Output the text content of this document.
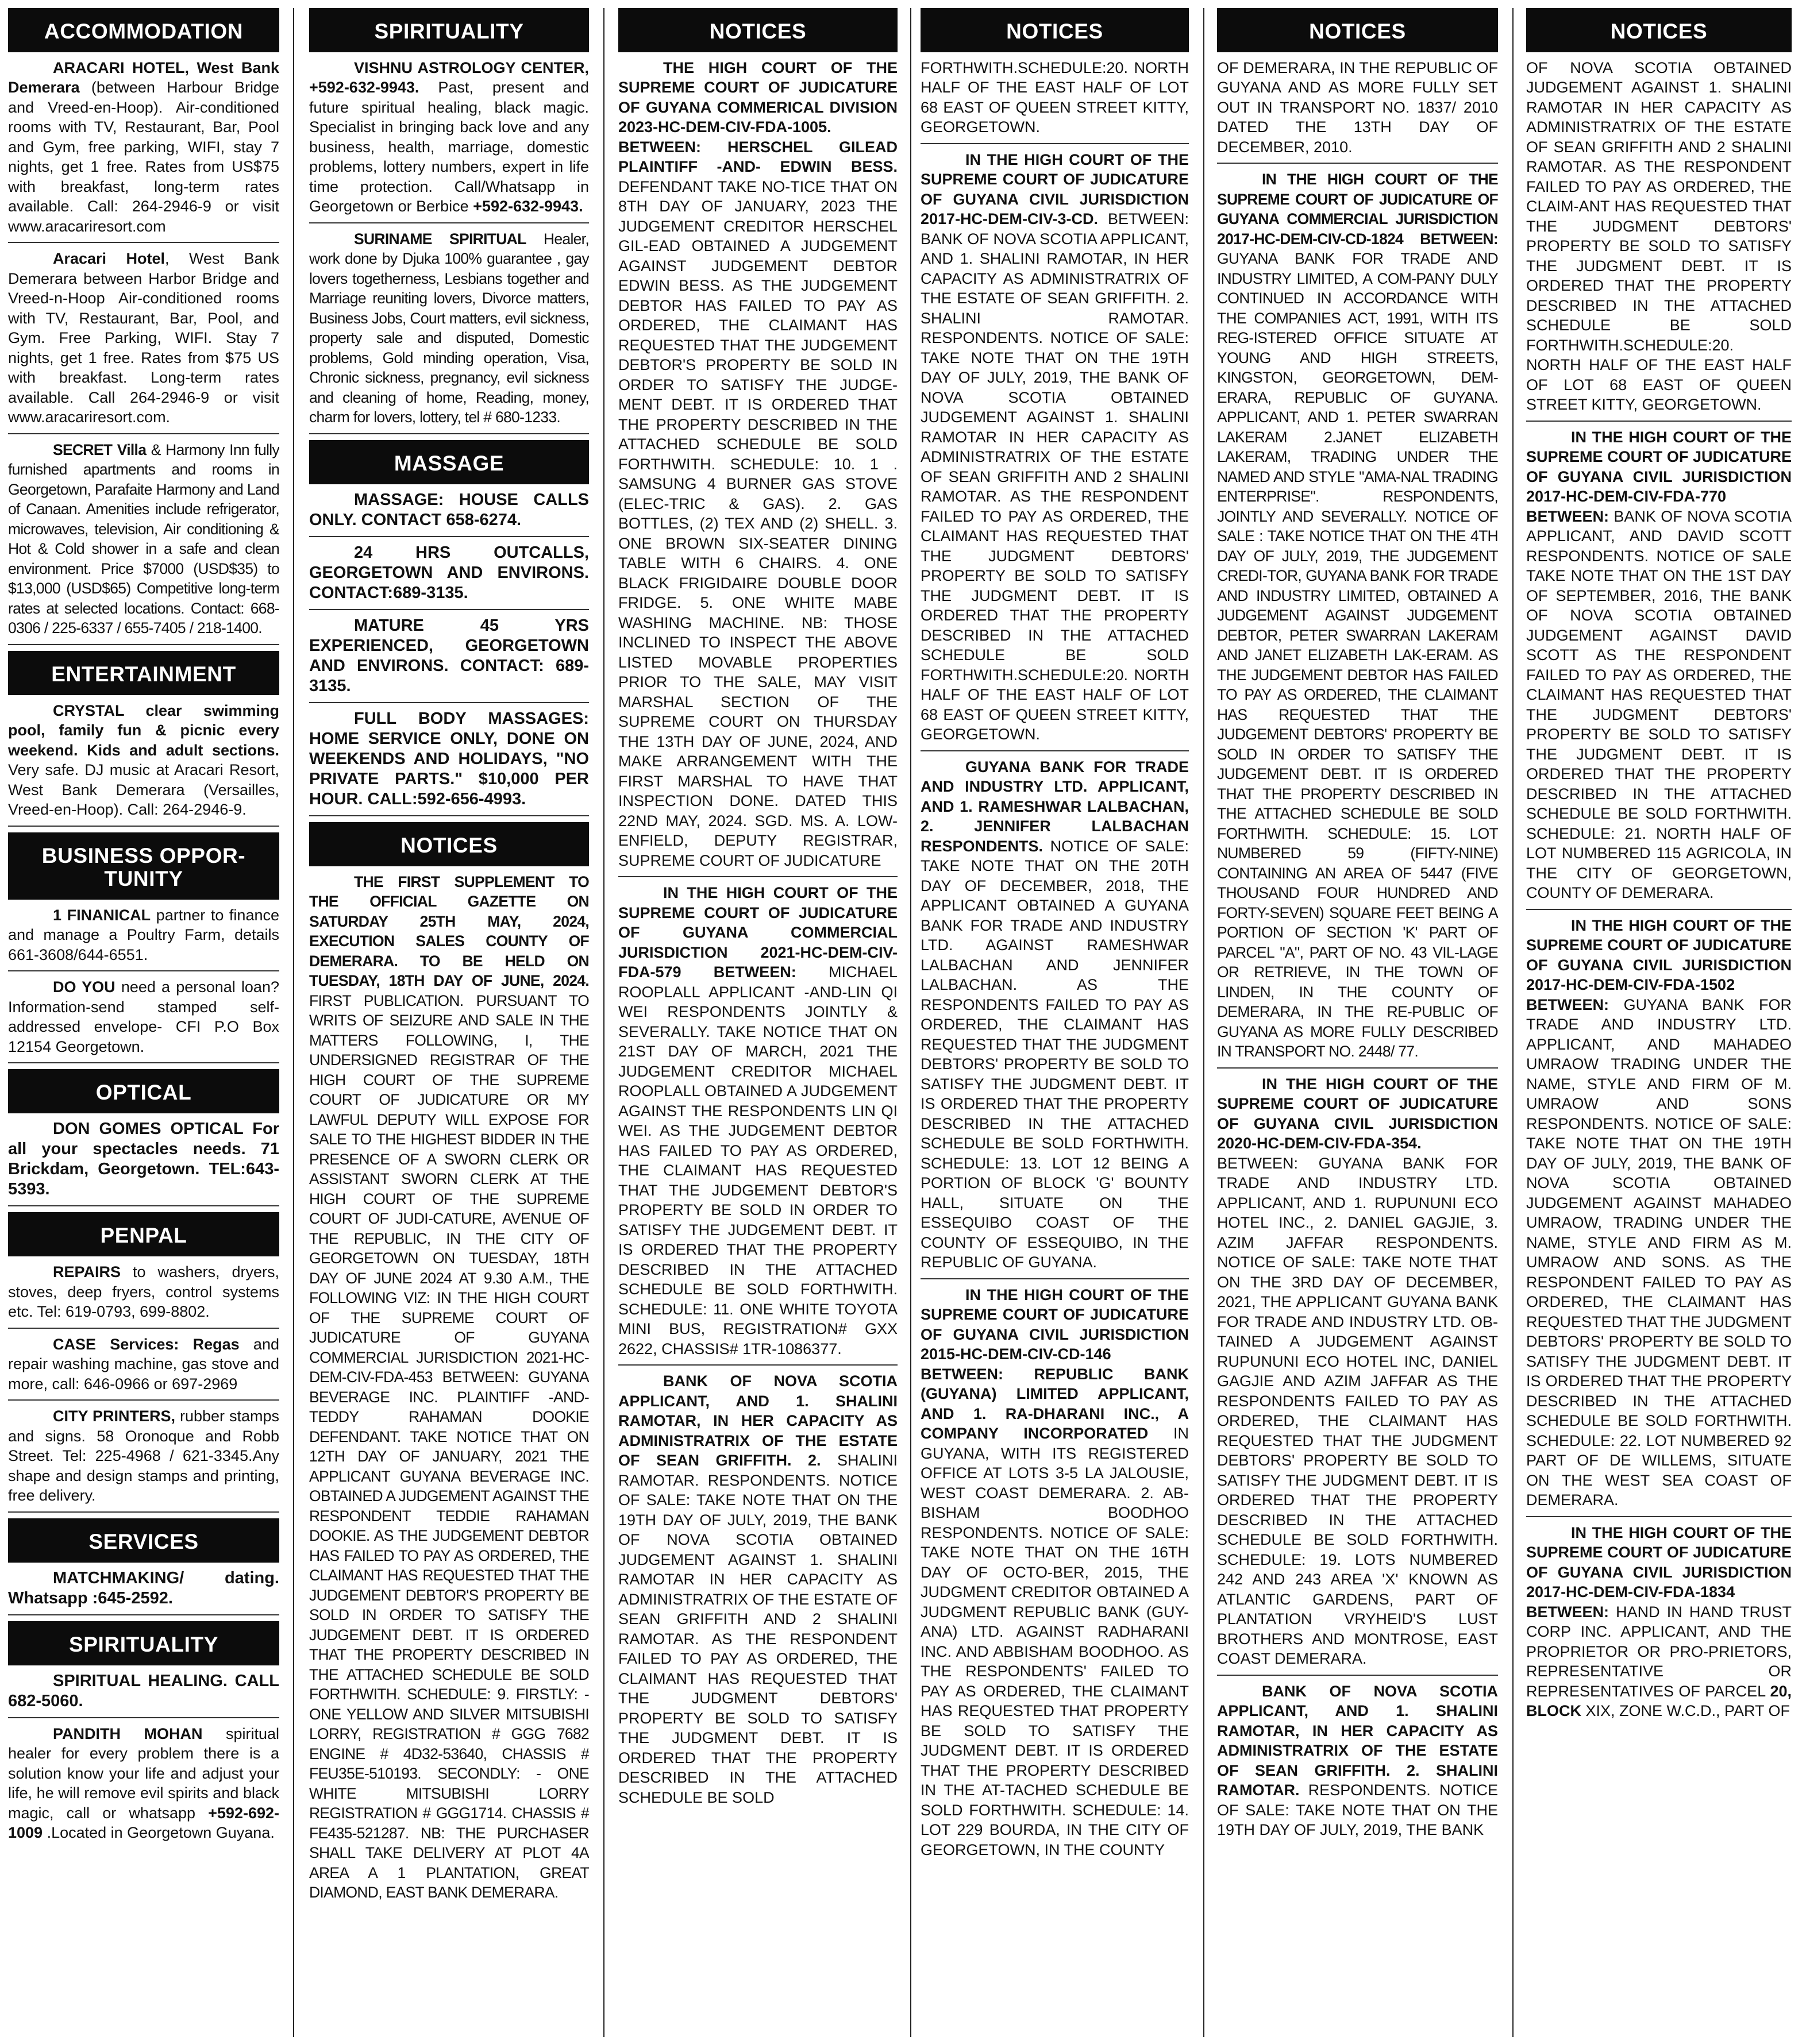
ACCOMMODATION

ARACARI HOTEL, West Bank Demerara (between Harbour Bridge and Vreed-en-Hoop). Air-conditioned rooms with TV, Restaurant, Bar, Pool and Gym, free parking, WIFI, stay 7 nights, get 1 free. Rates from US$75 with breakfast, long-term rates available. Call: 264-2946-9 or visit www.aracariresort.com

Aracari Hotel, West Bank Demerara between Harbor Bridge and Vreed-n-Hoop Air-conditioned rooms with TV, Restaurant, Bar, Pool, and Gym. Free Parking, WIFI. Stay 7 nights, get 1 free. Rates from $75 US with breakfast. Long-term rates available. Call 264-2946-9 or visit www.aracariresort.com.

SECRET Villa & Harmony Inn fully furnished apartments and rooms in Georgetown, Parafaite Harmony and Land of Canaan. Amenities include refrigerator, microwaves, television, Air conditioning & Hot & Cold shower in a safe and clean environment. Price $7000 (USD$35) to $13,000 (USD$65) Competitive long-term rates at selected locations. Contact: 668-0306 / 225-6337 / 655-7405 / 218-1400.

ENTERTAINMENT

CRYSTAL clear swimming pool, family fun & picnic every weekend. Kids and adult sections. Very safe. DJ music at Aracari Resort, West Bank Demerara (Versailles, Vreed-en-Hoop). Call: 264-2946-9.

BUSINESS OPPOR-TUNITY

1 FINANICAL partner to finance and manage a Poultry Farm, details 661-3608/644-6551.

DO YOU need a personal loan? Information-send stamped self-addressed envelope- CFI P.O Box 12154 Georgetown.

OPTICAL

DON GOMES OPTICAL For all your spectacles needs. 71 Brickdam, Georgetown. TEL:643-5393.

PENPAL

REPAIRS to washers, dryers, stoves, deep fryers, control systems etc. Tel: 619-0793, 699-8802.

CASE Services: Regas and repair washing machine, gas stove and more, call: 646-0966 or 697-2969

CITY PRINTERS, rubber stamps and signs. 58 Oronoque and Robb Street. Tel: 225-4968 / 621-3345.Any shape and design stamps and printing, free delivery.

SERVICES

MATCHMAKING/ dating. Whatsapp :645-2592.

SPIRITUALITY

SPIRITUAL HEALING. CALL 682-5060.

PANDITH MOHAN spiritual healer for every problem there is a solution know your life and adjust your life, he will remove evil spirits and black magic, call or whatsapp +592-692-1009 .Located in Georgetown Guyana.

SPIRITUALITY

VISHNU ASTROLOGY CENTER, +592-632-9943. Past, present and future spiritual healing, black magic. Specialist in bringing back love and any business, health, marriage, domestic problems, lottery numbers, expert in life time protection. Call/Whatsapp in Georgetown or Berbice +592-632-9943.

SURINAME SPIRITUAL Healer, work done by Djuka 100% guarantee , gay lovers togetherness, Lesbians together and Marriage reuniting lovers, Divorce matters, Business Jobs, Court matters, evil sickness, property sale and disputed, Domestic problems, Gold minding operation, Visa, Chronic sickness, pregnancy, evil sickness and cleaning of home, Reading, money, charm for lovers, lottery, tel # 680-1233.

MASSAGE

MASSAGE: HOUSE CALLS ONLY. CONTACT 658-6274.

24 HRS OUTCALLS, GEORGETOWN AND ENVIRONS. CONTACT:689-3135.

MATURE 45 YRS EXPERIENCED, GEORGETOWN AND ENVIRONS. CONTACT: 689-3135.

FULL BODY MASSAGES: HOME SERVICE ONLY, DONE ON WEEKENDS AND HOLIDAYS, "NO PRIVATE PARTS." $10,000 PER HOUR. CALL:592-656-4993.

NOTICES

THE FIRST SUPPLEMENT TO THE OFFICIAL GAZETTE ON SATURDAY 25TH MAY, 2024, EXECUTION SALES COUNTY OF DEMERARA. TO BE HELD ON TUESDAY, 18TH DAY OF JUNE, 2024. FIRST PUBLICATION. PURSUANT TO WRITS OF SEIZURE AND SALE IN THE MATTERS FOLLOWING, I, THE UNDERSIGNED REGISTRAR OF THE HIGH COURT OF THE SUPREME COURT OF JUDICATURE OR MY LAWFUL DEPUTY WILL EXPOSE FOR SALE TO THE HIGHEST BIDDER IN THE PRESENCE OF A SWORN CLERK OR ASSISTANT SWORN CLERK AT THE HIGH COURT OF THE SUPREME COURT OF JUDI-CATURE, AVENUE OF THE REPUBLIC, IN THE CITY OF GEORGETOWN ON TUESDAY, 18TH DAY OF JUNE 2024 AT 9.30 A.M., THE FOLLOWING VIZ: IN THE HIGH COURT OF THE SUPREME COURT OF JUDICATURE OF GUYANA COMMERCIAL JURISDICTION 2021-HC-DEM-CIV-FDA-453 BETWEEN: GUYANA BEVERAGE INC. PLAINTIFF -AND- TEDDY RAHAMAN DOOKIE DEFENDANT. TAKE NOTICE THAT ON 12TH DAY OF JANUARY, 2021 THE APPLICANT GUYANA BEVERAGE INC. OBTAINED A JUDGEMENT AGAINST THE RESPONDENT TEDDIE RAHAMAN DOOKIE. AS THE JUDGEMENT DEBTOR HAS FAILED TO PAY AS ORDERED, THE CLAIMANT HAS REQUESTED THAT THE JUDGEMENT DEBTOR'S PROPERTY BE SOLD IN ORDER TO SATISFY THE JUDGEMENT DEBT. IT IS ORDERED THAT THE PROPERTY DESCRIBED IN THE ATTACHED SCHEDULE BE SOLD FORTHWITH. SCHEDULE: 9. FIRSTLY: - ONE YELLOW AND SILVER MITSUBISHI LORRY, REGISTRATION # GGG 7682 ENGINE # 4D32-53640, CHASSIS # FEU35E-510193. SECONDLY: - ONE WHITE MITSUBISHI LORRY REGISTRATION # GGG1714. CHASSIS # FE435-521287. NB: THE PURCHASER SHALL TAKE DELIVERY AT PLOT 4A AREA A 1 PLANTATION, GREAT DIAMOND, EAST BANK DEMERARA.

NOTICES

THE HIGH COURT OF THE SUPREME COURT OF JUDICATURE OF GUYANA COMMERICAL DIVISION 2023-HC-DEM-CIV-FDA-1005. BETWEEN: HERSCHEL GILEAD PLAINTIFF -AND- EDWIN BESS. DEFENDANT TAKE NO-TICE THAT ON 8TH DAY OF JANUARY, 2023 THE JUDGEMENT CREDITOR HERSCHEL GIL-EAD OBTAINED A JUDGEMENT AGAINST JUDGEMENT DEBTOR EDWIN BESS. AS THE JUDGEMENT DEBTOR HAS FAILED TO PAY AS ORDERED, THE CLAIMANT HAS REQUESTED THAT THE JUDGEMENT DEBTOR'S PROPERTY BE SOLD IN ORDER TO SATISFY THE JUDGE-MENT DEBT. IT IS ORDERED THAT THE PROPERTY DESCRIBED IN THE ATTACHED SCHEDULE BE SOLD FORTHWITH. SCHEDULE: 10. 1 . SAMSUNG 4 BURNER GAS STOVE (ELEC-TRIC & GAS). 2. GAS BOTTLES, (2) TEX AND (2) SHELL. 3. ONE BROWN SIX-SEATER DINING TABLE WITH 6 CHAIRS. 4. ONE BLACK FRIGIDAIRE DOUBLE DOOR FRIDGE. 5. ONE WHITE MABE WASHING MACHINE. NB: THOSE INCLINED TO INSPECT THE ABOVE LISTED MOVABLE PROPERTIES PRIOR TO THE SALE, MAY VISIT MARSHAL SECTION OF THE SUPREME COURT ON THURSDAY THE 13TH DAY OF JUNE, 2024, AND MAKE ARRANGEMENT WITH THE FIRST MARSHAL TO HAVE THAT INSPECTION DONE. DATED THIS 22ND MAY, 2024. SGD. MS. A. LOW-ENFIELD, DEPUTY REGISTRAR, SUPREME COURT OF JUDICATURE

IN THE HIGH COURT OF THE SUPREME COURT OF JUDICATURE OF GUYANA COMMERCIAL JURISDICTION 2021-HC-DEM-CIV-FDA-579 BETWEEN: MICHAEL ROOPLALL APPLICANT -AND-LIN QI WEI RESPONDENTS JOINTLY & SEVERALLY. TAKE NOTICE THAT ON 21ST DAY OF MARCH, 2021 THE JUDGEMENT CREDITOR MICHAEL ROOPLALL OBTAINED A JUDGEMENT AGAINST THE RESPONDENTS LIN QI WEI. AS THE JUDGEMENT DEBTOR HAS FAILED TO PAY AS ORDERED, THE CLAIMANT HAS REQUESTED THAT THE JUDGEMENT DEBTOR'S PROPERTY BE SOLD IN ORDER TO SATISFY THE JUDGEMENT DEBT. IT IS ORDERED THAT THE PROPERTY DESCRIBED IN THE ATTACHED SCHEDULE BE SOLD FORTHWITH. SCHEDULE: 11. ONE WHITE TOYOTA MINI BUS, REGISTRATION# GXX 2622, CHASSIS# 1TR-1086377.

BANK OF NOVA SCOTIA APPLICANT, AND 1. SHALINI RAMOTAR, IN HER CAPACITY AS ADMINISTRATRIX OF THE ESTATE OF SEAN GRIFFITH. 2. SHALINI RAMOTAR. RESPONDENTS. NOTICE OF SALE: TAKE NOTE THAT ON THE 19TH DAY OF JULY, 2019, THE BANK OF NOVA SCOTIA OBTAINED JUDGEMENT AGAINST 1. SHALINI RAMOTAR IN HER CAPACITY AS ADMINISTRATRIX OF THE ESTATE OF SEAN GRIFFITH AND 2 SHALINI RAMOTAR. AS THE RESPONDENT FAILED TO PAY AS ORDERED, THE CLAIMANT HAS REQUESTED THAT THE JUDGMENT DEBTORS' PROPERTY BE SOLD TO SATISFY THE JUDGMENT DEBT. IT IS ORDERED THAT THE PROPERTY DESCRIBED IN THE ATTACHED SCHEDULE BE SOLD

NOTICES

FORTHWITH.SCHEDULE:20. NORTH HALF OF THE EAST HALF OF LOT 68 EAST OF QUEEN STREET KITTY, GEORGETOWN.

IN THE HIGH COURT OF THE SUPREME COURT OF JUDICATURE OF GUYANA CIVIL JURISDICTION 2017-HC-DEM-CIV-3-CD. BETWEEN: BANK OF NOVA SCOTIA APPLICANT, AND 1. SHALINI RAMOTAR, IN HER CAPACITY AS ADMINISTRATRIX OF THE ESTATE OF SEAN GRIFFITH. 2. SHALINI RAMOTAR. RESPONDENTS. NOTICE OF SALE: TAKE NOTE THAT ON THE 19TH DAY OF JULY, 2019, THE BANK OF NOVA SCOTIA OBTAINED JUDGEMENT AGAINST 1. SHALINI RAMOTAR IN HER CAPACITY AS ADMINISTRATRIX OF THE ESTATE OF SEAN GRIFFITH AND 2 SHALINI RAMOTAR. AS THE RESPONDENT FAILED TO PAY AS ORDERED, THE CLAIMANT HAS REQUESTED THAT THE JUDGMENT DEBTORS' PROPERTY BE SOLD TO SATISFY THE JUDGMENT DEBT. IT IS ORDERED THAT THE PROPERTY DESCRIBED IN THE ATTACHED SCHEDULE BE SOLD FORTHWITH.SCHEDULE:20. NORTH HALF OF THE EAST HALF OF LOT 68 EAST OF QUEEN STREET KITTY, GEORGETOWN.

GUYANA BANK FOR TRADE AND INDUSTRY LTD. APPLICANT, AND 1. RAMESHWAR LALBACHAN, 2. JENNIFER LALBACHAN RESPONDENTS. NOTICE OF SALE: TAKE NOTE THAT ON THE 20TH DAY OF DECEMBER, 2018, THE APPLICANT OBTAINED A GUYANA BANK FOR TRADE AND INDUSTRY LTD. AGAINST RAMESHWAR LALBACHAN AND JENNIFER LALBACHAN. AS THE RESPONDENTS FAILED TO PAY AS ORDERED, THE CLAIMANT HAS REQUESTED THAT THE JUDGMENT DEBTORS' PROPERTY BE SOLD TO SATISFY THE JUDGMENT DEBT. IT IS ORDERED THAT THE PROPERTY DESCRIBED IN THE ATTACHED SCHEDULE BE SOLD FORTHWITH. SCHEDULE: 13. LOT 12 BEING A PORTION OF BLOCK 'G' BOUNTY HALL, SITUATE ON THE ESSEQUIBO COAST OF THE COUNTY OF ESSEQUIBO, IN THE REPUBLIC OF GUYANA.

IN THE HIGH COURT OF THE SUPREME COURT OF JUDICATURE OF GUYANA CIVIL JURISDICTION 2015-HC-DEM-CIV-CD-146 BETWEEN: REPUBLIC BANK (GUYANA) LIMITED APPLICANT, AND 1. RA-DHARANI INC., A COMPANY INCORPORATED IN GUYANA, WITH ITS REGISTERED OFFICE AT LOTS 3-5 LA JALOUSIE, WEST COAST DEMERARA. 2. AB-BISHAM BOODHOO RESPONDENTS. NOTICE OF SALE: TAKE NOTE THAT ON THE 16TH DAY OF OCTO-BER, 2015, THE JUDGMENT CREDITOR OBTAINED A JUDGMENT REPUBLIC BANK (GUY-ANA) LTD. AGAINST RADHARANI INC. AND ABBISHAM BOODHOO. AS THE RESPONDENTS' FAILED TO PAY AS ORDERED, THE CLAIMANT HAS REQUESTED THAT PROPERTY BE SOLD TO SATISFY THE JUDGMENT DEBT. IT IS ORDERED THAT THE PROPERTY DESCRIBED IN THE AT-TACHED SCHEDULE BE SOLD FORTHWITH. SCHEDULE: 14. LOT 229 BOURDA, IN THE CITY OF GEORGETOWN, IN THE COUNTY

NOTICES

OF DEMERARA, IN THE REPUBLIC OF GUYANA AND AS MORE FULLY SET OUT IN TRANSPORT NO. 1837/ 2010 DATED THE 13TH DAY OF DECEMBER, 2010.

IN THE HIGH COURT OF THE SUPREME COURT OF JUDICATURE OF GUYANA COMMERCIAL JURISDICTION 2017-HC-DEM-CIV-CD-1824 BETWEEN: GUYANA BANK FOR TRADE AND INDUSTRY LIMITED, A COM-PANY DULY CONTINUED IN ACCORDANCE WITH THE COMPANIES ACT, 1991, WITH ITS REG-ISTERED OFFICE SITUATE AT YOUNG AND HIGH STREETS, KINGSTON, GEORGETOWN, DEM-ERARA, REPUBLIC OF GUYANA. APPLICANT, AND 1. PETER SWARRAN LAKERAM 2.JANET ELIZABETH LAKERAM, TRADING UNDER THE NAMED AND STYLE "AMA-NAL TRADING ENTERPRISE". RESPONDENTS, JOINTLY AND SEVERALLY. NOTICE OF SALE : TAKE NOTICE THAT ON THE 4TH DAY OF JULY, 2019, THE JUDGEMENT CREDI-TOR, GUYANA BANK FOR TRADE AND INDUSTRY LIMITED, OBTAINED A JUDGEMENT AGAINST JUDGEMENT DEBTOR, PETER SWARRAN LAKERAM AND JANET ELIZABETH LAK-ERAM. AS THE JUDGEMENT DEBTOR HAS FAILED TO PAY AS ORDERED, THE CLAIMANT HAS REQUESTED THAT THE JUDGEMENT DEBTORS' PROPERTY BE SOLD IN ORDER TO SATISFY THE JUDGEMENT DEBT. IT IS ORDERED THAT THE PROPERTY DESCRIBED IN THE ATTACHED SCHEDULE BE SOLD FORTHWITH. SCHEDULE: 15. LOT NUMBERED 59 (FIFTY-NINE) CONTAINING AN AREA OF 5447 (FIVE THOUSAND FOUR HUNDRED AND FORTY-SEVEN) SQUARE FEET BEING A PORTION OF SECTION 'K' PART OF PARCEL "A", PART OF NO. 43 VIL-LAGE OR RETRIEVE, IN THE TOWN OF LINDEN, IN THE COUNTY OF DEMERARA, IN THE RE-PUBLIC OF GUYANA AS MORE FULLY DESCRIBED IN TRANSPORT NO. 2448/ 77.

IN THE HIGH COURT OF THE SUPREME COURT OF JUDICATURE OF GUYANA CIVIL JURISDICTION 2020-HC-DEM-CIV-FDA-354. BETWEEN: GUYANA BANK FOR TRADE AND INDUSTRY LTD. APPLICANT, AND 1. RUPUNUNI ECO HOTEL INC., 2. DANIEL GAGJIE, 3. AZIM JAFFAR RESPONDENTS. NOTICE OF SALE: TAKE NOTE THAT ON THE 3RD DAY OF DECEMBER, 2021, THE APPLICANT GUYANA BANK FOR TRADE AND INDUSTRY LTD. OB-TAINED A JUDGEMENT AGAINST RUPUNUNI ECO HOTEL INC, DANIEL GAGJIE AND AZIM JAFFAR AS THE RESPONDENTS FAILED TO PAY AS ORDERED, THE CLAIMANT HAS REQUESTED THAT THE JUDGMENT DEBTORS' PROPERTY BE SOLD TO SATISFY THE JUDGMENT DEBT. IT IS ORDERED THAT THE PROPERTY DESCRIBED IN THE ATTACHED SCHEDULE BE SOLD FORTHWITH. SCHEDULE: 19. LOTS NUMBERED 242 AND 243 AREA 'X' KNOWN AS ATLANTIC GARDENS, PART OF PLANTATION VRYHEID'S LUST BROTHERS AND MONTROSE, EAST COAST DEMERARA.

BANK OF NOVA SCOTIA APPLICANT, AND 1. SHALINI RAMOTAR, IN HER CAPACITY AS ADMINISTRATRIX OF THE ESTATE OF SEAN GRIFFITH. 2. SHALINI RAMOTAR. RESPONDENTS. NOTICE OF SALE: TAKE NOTE THAT ON THE 19TH DAY OF JULY, 2019, THE BANK

NOTICES

OF NOVA SCOTIA OBTAINED JUDGEMENT AGAINST 1. SHALINI RAMOTAR IN HER CAPACITY AS ADMINISTRATRIX OF THE ESTATE OF SEAN GRIFFITH AND 2 SHALINI RAMOTAR. AS THE RESPONDENT FAILED TO PAY AS ORDERED, THE CLAIM-ANT HAS REQUESTED THAT THE JUDGMENT DEBTORS' PROPERTY BE SOLD TO SATISFY THE JUDGMENT DEBT. IT IS ORDERED THAT THE PROPERTY DESCRIBED IN THE ATTACHED SCHEDULE BE SOLD FORTHWITH.SCHEDULE:20. NORTH HALF OF THE EAST HALF OF LOT 68 EAST OF QUEEN STREET KITTY, GEORGETOWN.

IN THE HIGH COURT OF THE SUPREME COURT OF JUDICATURE OF GUYANA CIVIL JURISDICTION 2017-HC-DEM-CIV-FDA-770 BETWEEN: BANK OF NOVA SCOTIA APPLICANT, AND DAVID SCOTT RESPONDENTS. NOTICE OF SALE TAKE NOTE THAT ON THE 1ST DAY OF SEPTEMBER, 2016, THE BANK OF NOVA SCOTIA OBTAINED JUDGEMENT AGAINST DAVID SCOTT AS THE RESPONDENT FAILED TO PAY AS ORDERED, THE CLAIMANT HAS REQUESTED THAT THE JUDGMENT DEBTORS' PROPERTY BE SOLD TO SATISFY THE JUDGMENT DEBT. IT IS ORDERED THAT THE PROPERTY DESCRIBED IN THE ATTACHED SCHEDULE BE SOLD FORTHWITH. SCHEDULE: 21. NORTH HALF OF LOT NUMBERED 115 AGRICOLA, IN THE CITY OF GEORGETOWN, COUNTY OF DEMERARA.

IN THE HIGH COURT OF THE SUPREME COURT OF JUDICATURE OF GUYANA CIVIL JURISDICTION 2017-HC-DEM-CIV-FDA-1502 BETWEEN: GUYANA BANK FOR TRADE AND INDUSTRY LTD. APPLICANT, AND MAHADEO UMRAOW TRADING UNDER THE NAME, STYLE AND FIRM OF M. UMRAOW AND SONS RESPONDENTS. NOTICE OF SALE: TAKE NOTE THAT ON THE 19TH DAY OF JULY, 2019, THE BANK OF NOVA SCOTIA OBTAINED JUDGEMENT AGAINST MAHADEO UMRAOW, TRADING UNDER THE NAME, STYLE AND FIRM AS M. UMRAOW AND SONS. AS THE RESPONDENT FAILED TO PAY AS ORDERED, THE CLAIMANT HAS REQUESTED THAT THE JUDGMENT DEBTORS' PROPERTY BE SOLD TO SATISFY THE JUDGMENT DEBT. IT IS ORDERED THAT THE PROPERTY DESCRIBED IN THE ATTACHED SCHEDULE BE SOLD FORTHWITH. SCHEDULE: 22. LOT NUMBERED 92 PART OF DE WILLEMS, SITUATE ON THE WEST SEA COAST OF DEMERARA.

IN THE HIGH COURT OF THE SUPREME COURT OF JUDICATURE OF GUYANA CIVIL JURISDICTION 2017-HC-DEM-CIV-FDA-1834 BETWEEN: HAND IN HAND TRUST CORP INC. APPLICANT, AND THE PROPRIETOR OR PRO-PRIETORS, REPRESENTATIVE OR REPRESENTATIVES OF PARCEL 20, BLOCK XIX, ZONE W.C.D., PART OF
